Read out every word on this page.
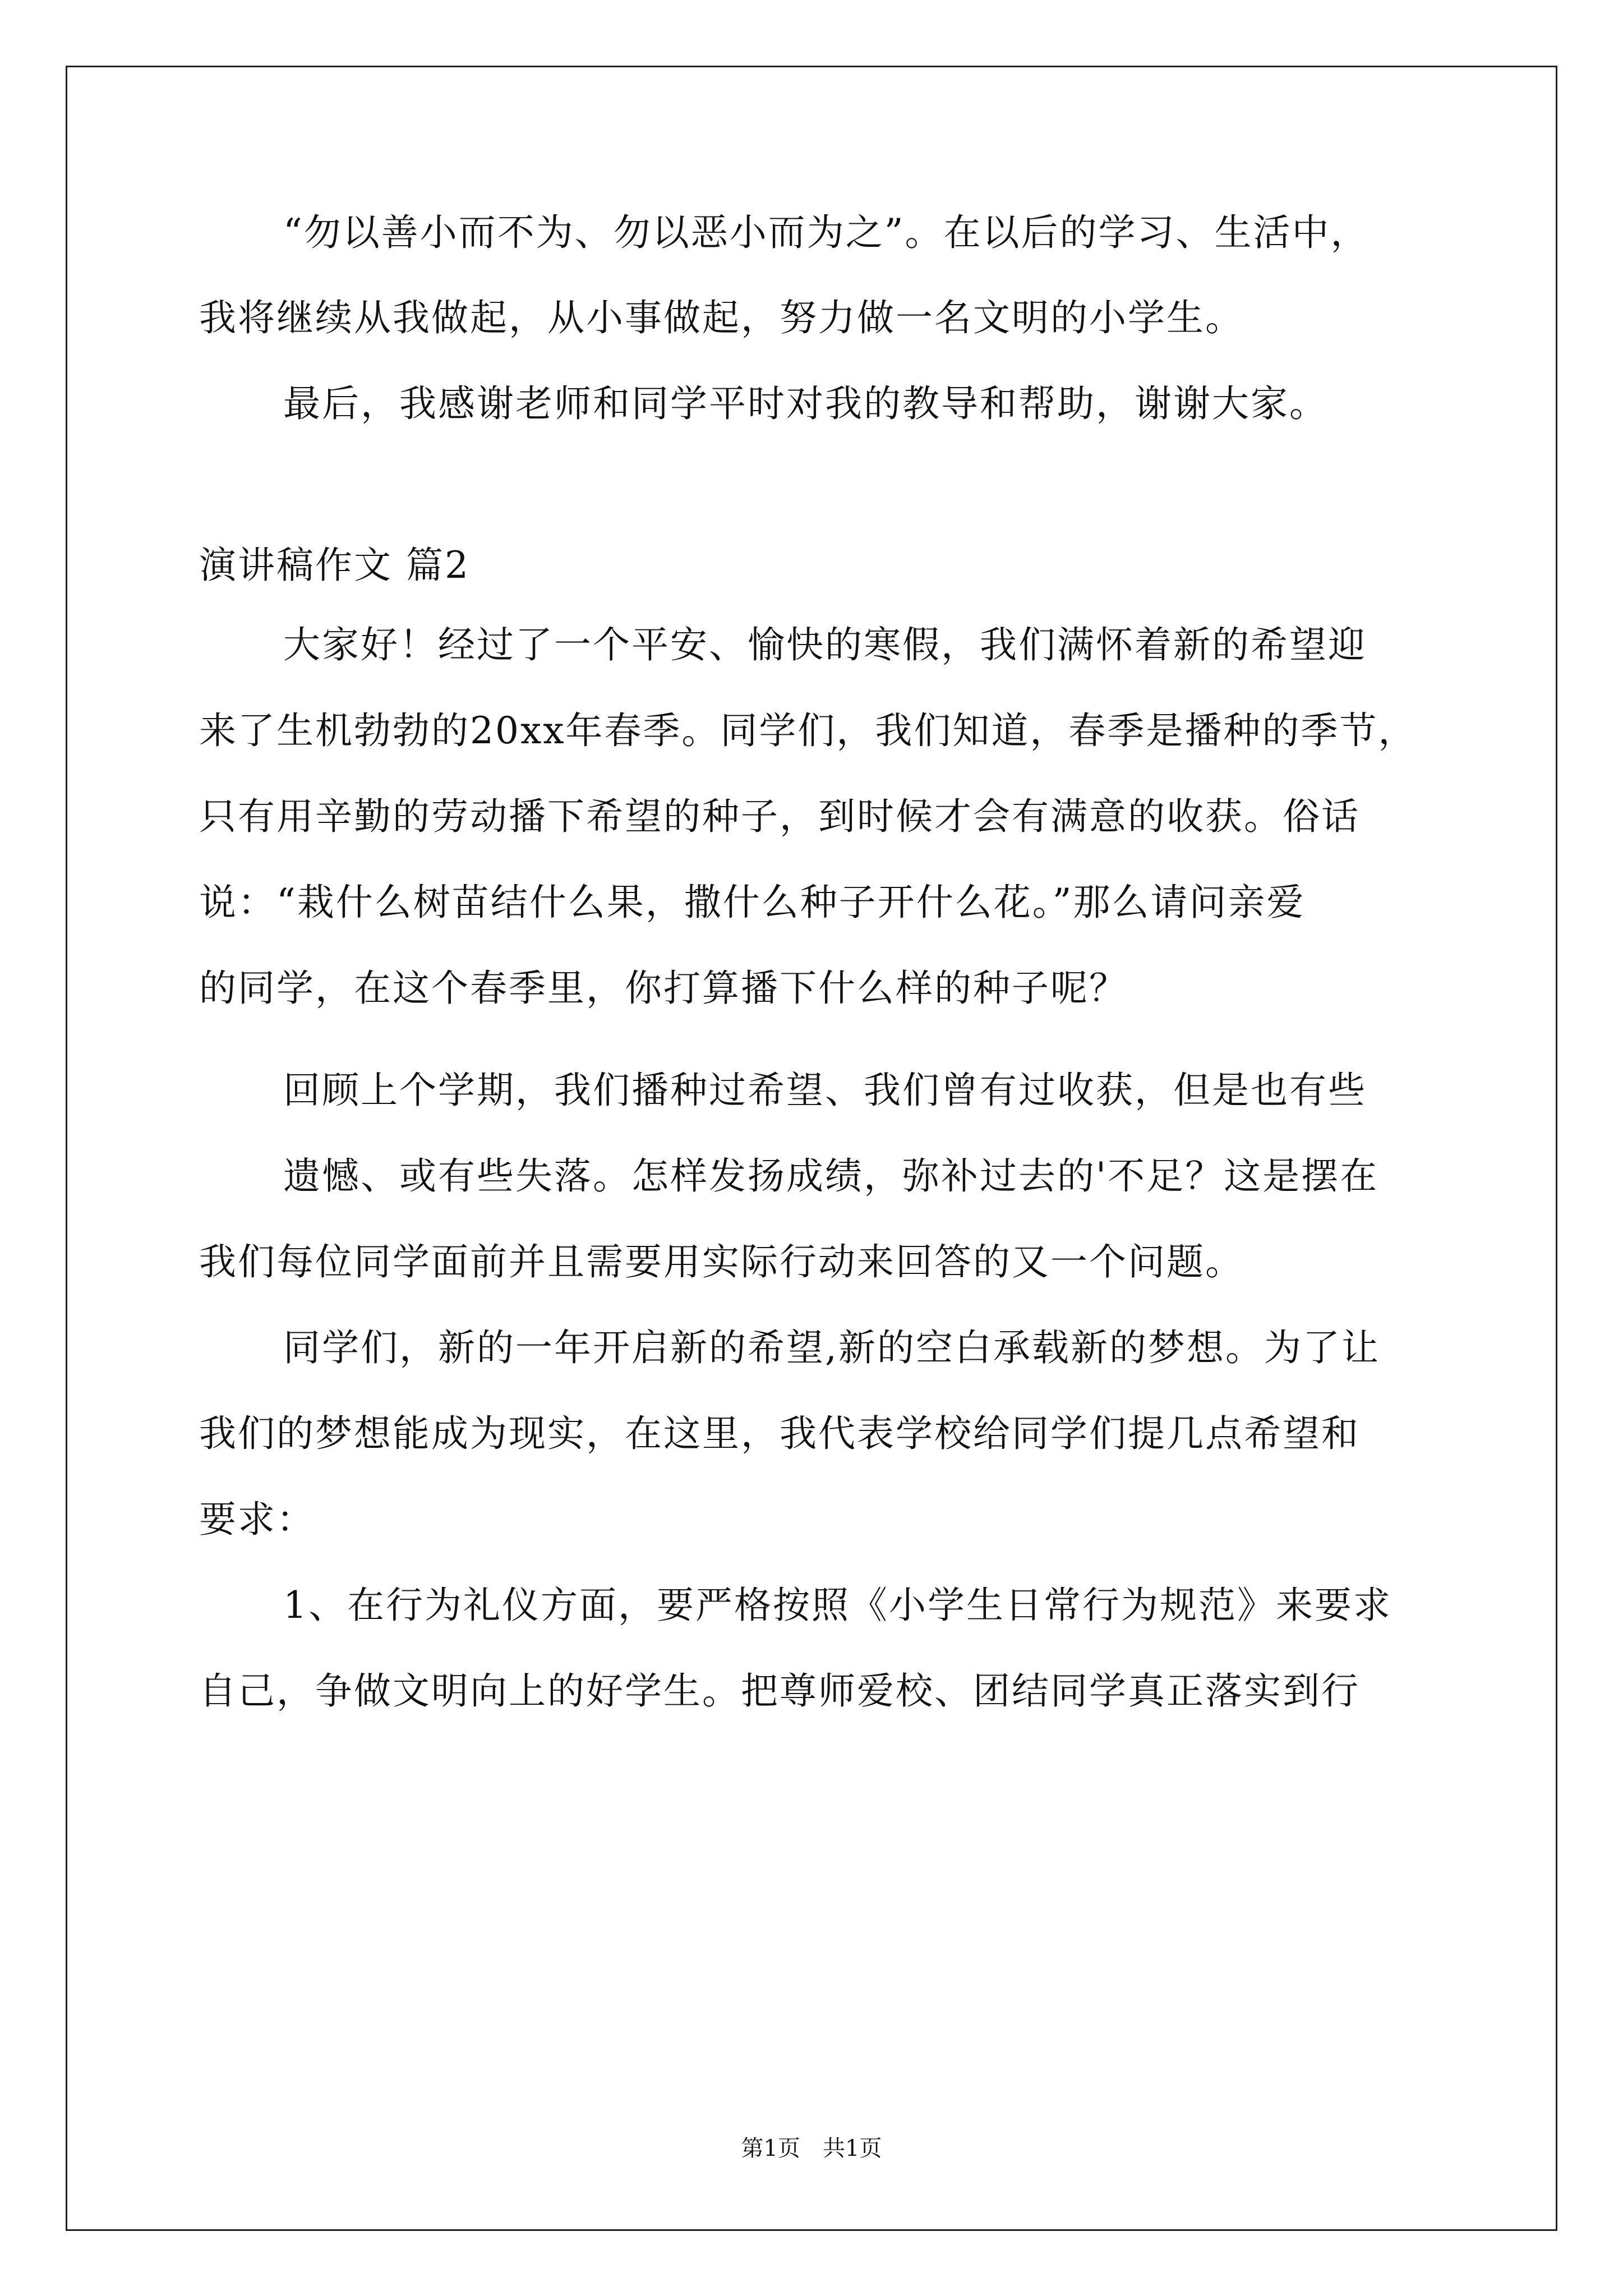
“勿以善小而不为、勿以恶小而为之”。在以后的学习、生活中，
我将继续从我做起，从小事做起，努力做一名文明的小学生。
最后，我感谢老师和同学平时对我的教导和帮助，谢谢大家。
演讲稿作文 篇2
大家好！经过了一个平安、愉快的寒假，我们满怀着新的希望迎
来了生机勃勃的20xx年春季。同学们，我们知道，春季是播种的季节，
只有用辛勤的劳动播下希望的种子，到时候才会有满意的收获。俗话
说：“栽什么树苗结什么果，撒什么种子开什么花。”那么请问亲爱
的同学，在这个春季里，你打算播下什么样的种子呢？
回顾上个学期，我们播种过希望、我们曾有过收获，但是也有些
遗憾、或有些失落。怎样发扬成绩，弥补过去的'不足？这是摆在
我们每位同学面前并且需要用实际行动来回答的又一个问题。
同学们，新的一年开启新的希望,新的空白承载新的梦想。为了让
我们的梦想能成为现实，在这里，我代表学校给同学们提几点希望和
要求：
1、在行为礼仪方面，要严格按照《小学生日常行为规范》来要求
自己，争做文明向上的好学生。把尊师爱校、团结同学真正落实到行
第1页　共1页
